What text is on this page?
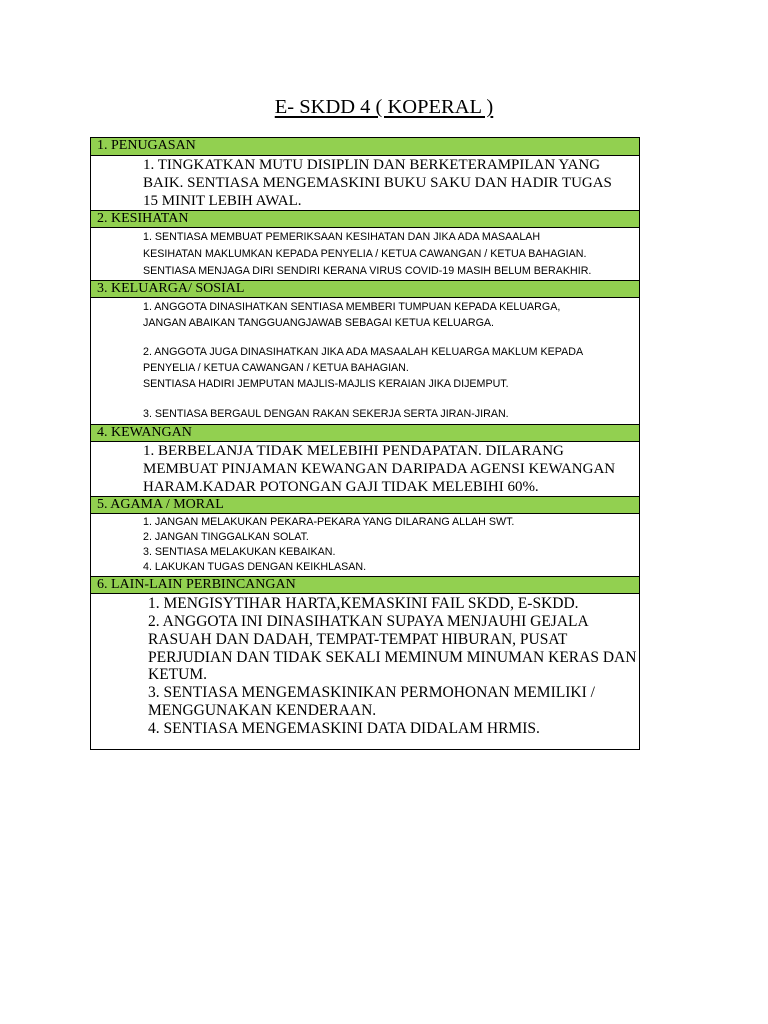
E- SKDD 4 ( KOPERAL )
1. PENUGASAN
1. TINGKATKAN MUTU DISIPLIN DAN BERKETERAMPILAN YANG
BAIK. SENTIASA MENGEMASKINI BUKU SAKU DAN HADIR TUGAS
15 MINIT LEBIH AWAL.
2. KESIHATAN
1. SENTIASA MEMBUAT PEMERIKSAAN KESIHATAN DAN JIKA ADA MASAALAH
KESIHATAN MAKLUMKAN KEPADA PENYELIA / KETUA CAWANGAN / KETUA BAHAGIAN.
SENTIASA MENJAGA DIRI SENDIRI KERANA VIRUS COVID-19 MASIH BELUM BERAKHIR.
3. KELUARGA/ SOSIAL
1. ANGGOTA DINASIHATKAN SENTIASA MEMBERI TUMPUAN KEPADA KELUARGA,
JANGAN ABAIKAN TANGGUANGJAWAB SEBAGAI KETUA KELUARGA.
2. ANGGOTA JUGA DINASIHATKAN JIKA ADA MASAALAH KELUARGA MAKLUM KEPADA
PENYELIA / KETUA CAWANGAN / KETUA BAHAGIAN.
SENTIASA HADIRI JEMPUTAN MAJLIS-MAJLIS KERAIAN JIKA DIJEMPUT.
3. SENTIASA BERGAUL DENGAN RAKAN SEKERJA SERTA JIRAN-JIRAN.
4. KEWANGAN
1. BERBELANJA TIDAK MELEBIHI PENDAPATAN. DILARANG
MEMBUAT PINJAMAN KEWANGAN DARIPADA AGENSI KEWANGAN
HARAM.KADAR POTONGAN GAJI TIDAK MELEBIHI 60%.
5. AGAMA / MORAL
1. JANGAN MELAKUKAN PEKARA-PEKARA YANG DILARANG ALLAH SWT.
2. JANGAN TINGGALKAN SOLAT.
3. SENTIASA MELAKUKAN KEBAIKAN.
4. LAKUKAN TUGAS DENGAN KEIKHLASAN.
6. LAIN-LAIN PERBINCANGAN
1. MENGISYTIHAR HARTA,KEMASKINI FAIL SKDD, E-SKDD.
2. ANGGOTA INI DINASIHATKAN SUPAYA MENJAUHI GEJALA
RASUAH DAN DADAH, TEMPAT-TEMPAT HIBURAN, PUSAT
PERJUDIAN DAN TIDAK SEKALI MEMINUM MINUMAN KERAS DAN
KETUM.
3. SENTIASA MENGEMASKINIKAN PERMOHONAN MEMILIKI /
MENGGUNAKAN KENDERAAN.
4. SENTIASA MENGEMASKINI DATA DIDALAM HRMIS.
